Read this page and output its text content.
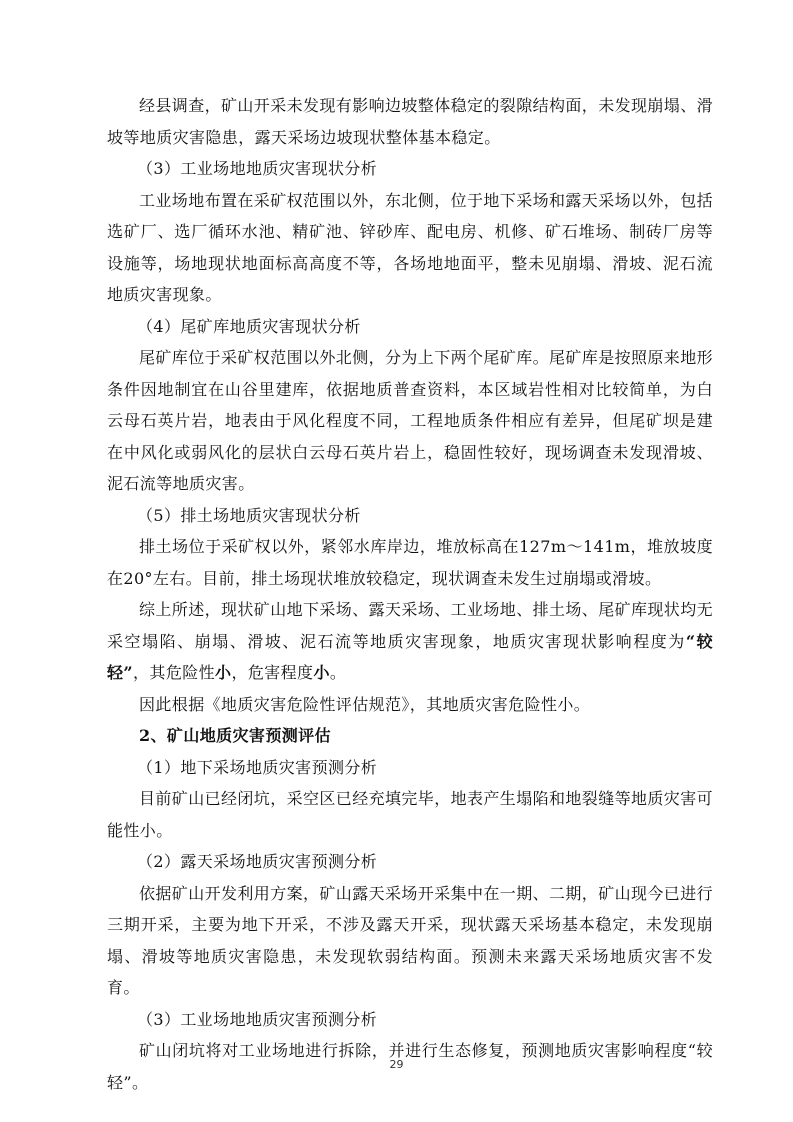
经县调查，矿山开采未发现有影响边坡整体稳定的裂隙结构面，未发现崩塌、滑坡等地质灾害隐患，露天采场边坡现状整体基本稳定。

（3）工业场地地质灾害现状分析

工业场地布置在采矿权范围以外，东北侧，位于地下采场和露天采场以外，包括选矿厂、选厂循环水池、精矿池、锌砂库、配电房、机修、矿石堆场、制砖厂房等设施等，场地现状地面标高高度不等，各场地地面平，整未见崩塌、滑坡、泥石流地质灾害现象。

（4）尾矿库地质灾害现状分析

尾矿库位于采矿权范围以外北侧，分为上下两个尾矿库。尾矿库是按照原来地形条件因地制宜在山谷里建库，依据地质普查资料，本区域岩性相对比较简单，为白云母石英片岩，地表由于风化程度不同，工程地质条件相应有差异，但尾矿坝是建在中风化或弱风化的层状白云母石英片岩上，稳固性较好，现场调查未发现滑坡、泥石流等地质灾害。

（5）排土场地质灾害现状分析

排土场位于采矿权以外，紧邻水库岸边，堆放标高在127m～141m，堆放坡度在20°左右。目前，排土场现状堆放较稳定，现状调查未发生过崩塌或滑坡。

综上所述，现状矿山地下采场、露天采场、工业场地、排土场、尾矿库现状均无采空塌陷、崩塌、滑坡、泥石流等地质灾害现象，地质灾害现状影响程度为“较轻”，其危险性小，危害程度小。

因此根据《地质灾害危险性评估规范》，其地质灾害危险性小。

2、矿山地质灾害预测评估

（1）地下采场地质灾害预测分析

目前矿山已经闭坑，采空区已经充填完毕，地表产生塌陷和地裂缝等地质灾害可能性小。

（2）露天采场地质灾害预测分析

依据矿山开发利用方案，矿山露天采场开采集中在一期、二期，矿山现今已进行三期开采，主要为地下开采，不涉及露天开采，现状露天采场基本稳定，未发现崩塌、滑坡等地质灾害隐患，未发现软弱结构面。预测未来露天采场地质灾害不发育。

（3）工业场地地质灾害预测分析

矿山闭坑将对工业场地进行拆除，并进行生态修复，预测地质灾害影响程度“较轻”。

29
